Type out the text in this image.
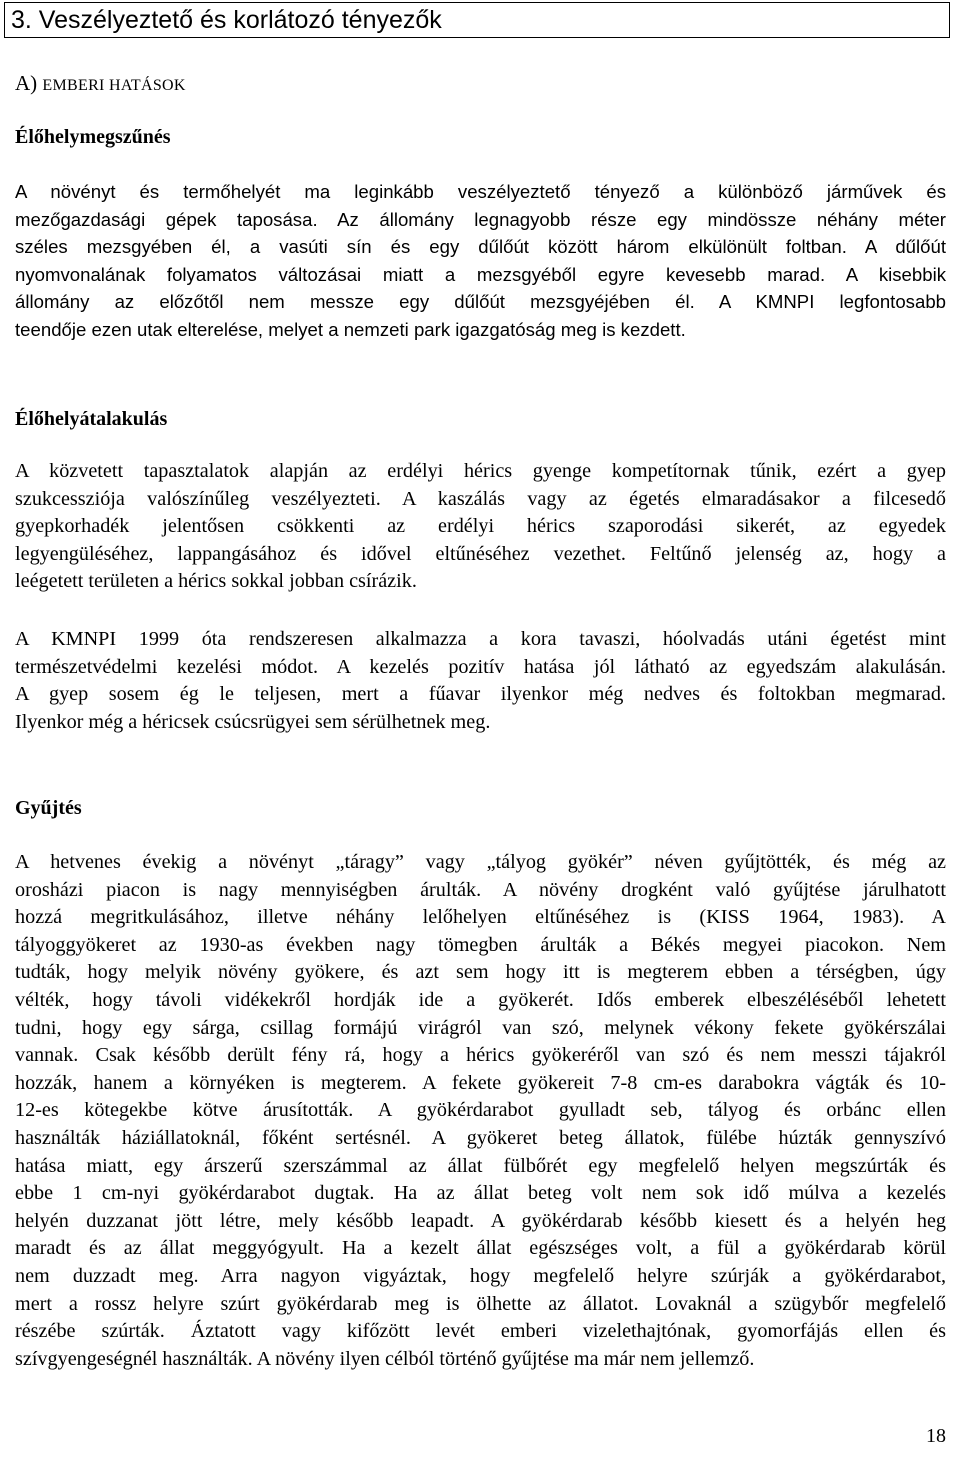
3. Veszélyeztető és korlátozó tényezők
A) EMBERI HATÁSOK
Élőhelymegszűnés
A növényt és termőhelyét ma leginkább veszélyeztető tényező a különböző járművek és
mezőgazdasági gépek taposása. Az állomány legnagyobb része egy mindössze néhány méter
széles mezsgyében él, a vasúti sín és egy dűlőút között három elkülönült foltban. A dűlőút
nyomvonalának folyamatos változásai miatt a mezsgyéből egyre kevesebb marad. A kisebbik
állomány az előzőtől nem messze egy dűlőút mezsgyéjében él. A KMNPI legfontosabb
teendője ezen utak elterelése, melyet a nemzeti park igazgatóság meg is kezdett.
Élőhelyátalakulás
A közvetett tapasztalatok alapján az erdélyi hérics gyenge kompetítornak tűnik, ezért a gyep
szukcessziója valószínűleg veszélyezteti. A kaszálás vagy az égetés elmaradásakor a filcesedő
gyepkorhadék jelentősen csökkenti az erdélyi hérics szaporodási sikerét, az egyedek
legyengüléséhez, lappangásához és idővel eltűnéséhez vezethet. Feltűnő jelenség az, hogy a
leégetett területen a hérics sokkal jobban csírázik.
A KMNPI 1999 óta rendszeresen alkalmazza a kora tavaszi, hóolvadás utáni égetést mint
természetvédelmi kezelési módot. A kezelés pozitív hatása jól látható az egyedszám alakulásán.
A gyep sosem ég le teljesen, mert a fűavar ilyenkor még nedves és foltokban megmarad.
Ilyenkor még a héricsek csúcsrügyei sem sérülhetnek meg.
Gyűjtés
A hetvenes évekig a növényt „táragy” vagy „tályog gyökér” néven gyűjtötték, és még az
orosházi piacon is nagy mennyiségben árulták. A növény drogként való gyűjtése járulhatott
hozzá megritkulásához, illetve néhány lelőhelyen eltűnéséhez is (KISS 1964, 1983). A
tályoggyökeret az 1930-as években nagy tömegben árulták a Békés megyei piacokon. Nem
tudták, hogy melyik növény gyökere, és azt sem hogy itt is megterem ebben a térségben, úgy
vélték, hogy távoli vidékekről hordják ide a gyökerét. Idős emberek elbeszéléséből lehetett
tudni, hogy egy sárga, csillag formájú virágról van szó, melynek vékony fekete gyökérszálai
vannak. Csak később derült fény rá, hogy a hérics gyökeréről van szó és nem messzi tájakról
hozzák, hanem a környéken is megterem. A fekete gyökereit 7-8 cm-es darabokra vágták és 10-
12-es kötegekbe kötve árusították. A gyökérdarabot gyulladt seb, tályog és orbánc ellen
használták háziállatoknál, főként sertésnél. A gyökeret beteg állatok, fülébe húzták gennyszívó
hatása miatt, egy árszerű szerszámmal az állat fülbőrét egy megfelelő helyen megszúrták és
ebbe 1 cm-nyi gyökérdarabot dugtak. Ha az állat beteg volt nem sok idő múlva a kezelés
helyén duzzanat jött létre, mely később leapadt. A gyökérdarab később kiesett és a helyén heg
maradt és az állat meggyógyult. Ha a kezelt állat egészséges volt, a fül a gyökérdarab körül
nem duzzadt meg. Arra nagyon vigyáztak, hogy megfelelő helyre szúrják a gyökérdarabot,
mert a rossz helyre szúrt gyökérdarab meg is ölhette az állatot. Lovaknál a szügybőr megfelelő
részébe szúrták. Áztatott vagy kifőzött levét emberi vizelethajtónak, gyomorfájás ellen és
szívgyengeségnél használták. A növény ilyen célból történő gyűjtése ma már nem jellemző.
18
